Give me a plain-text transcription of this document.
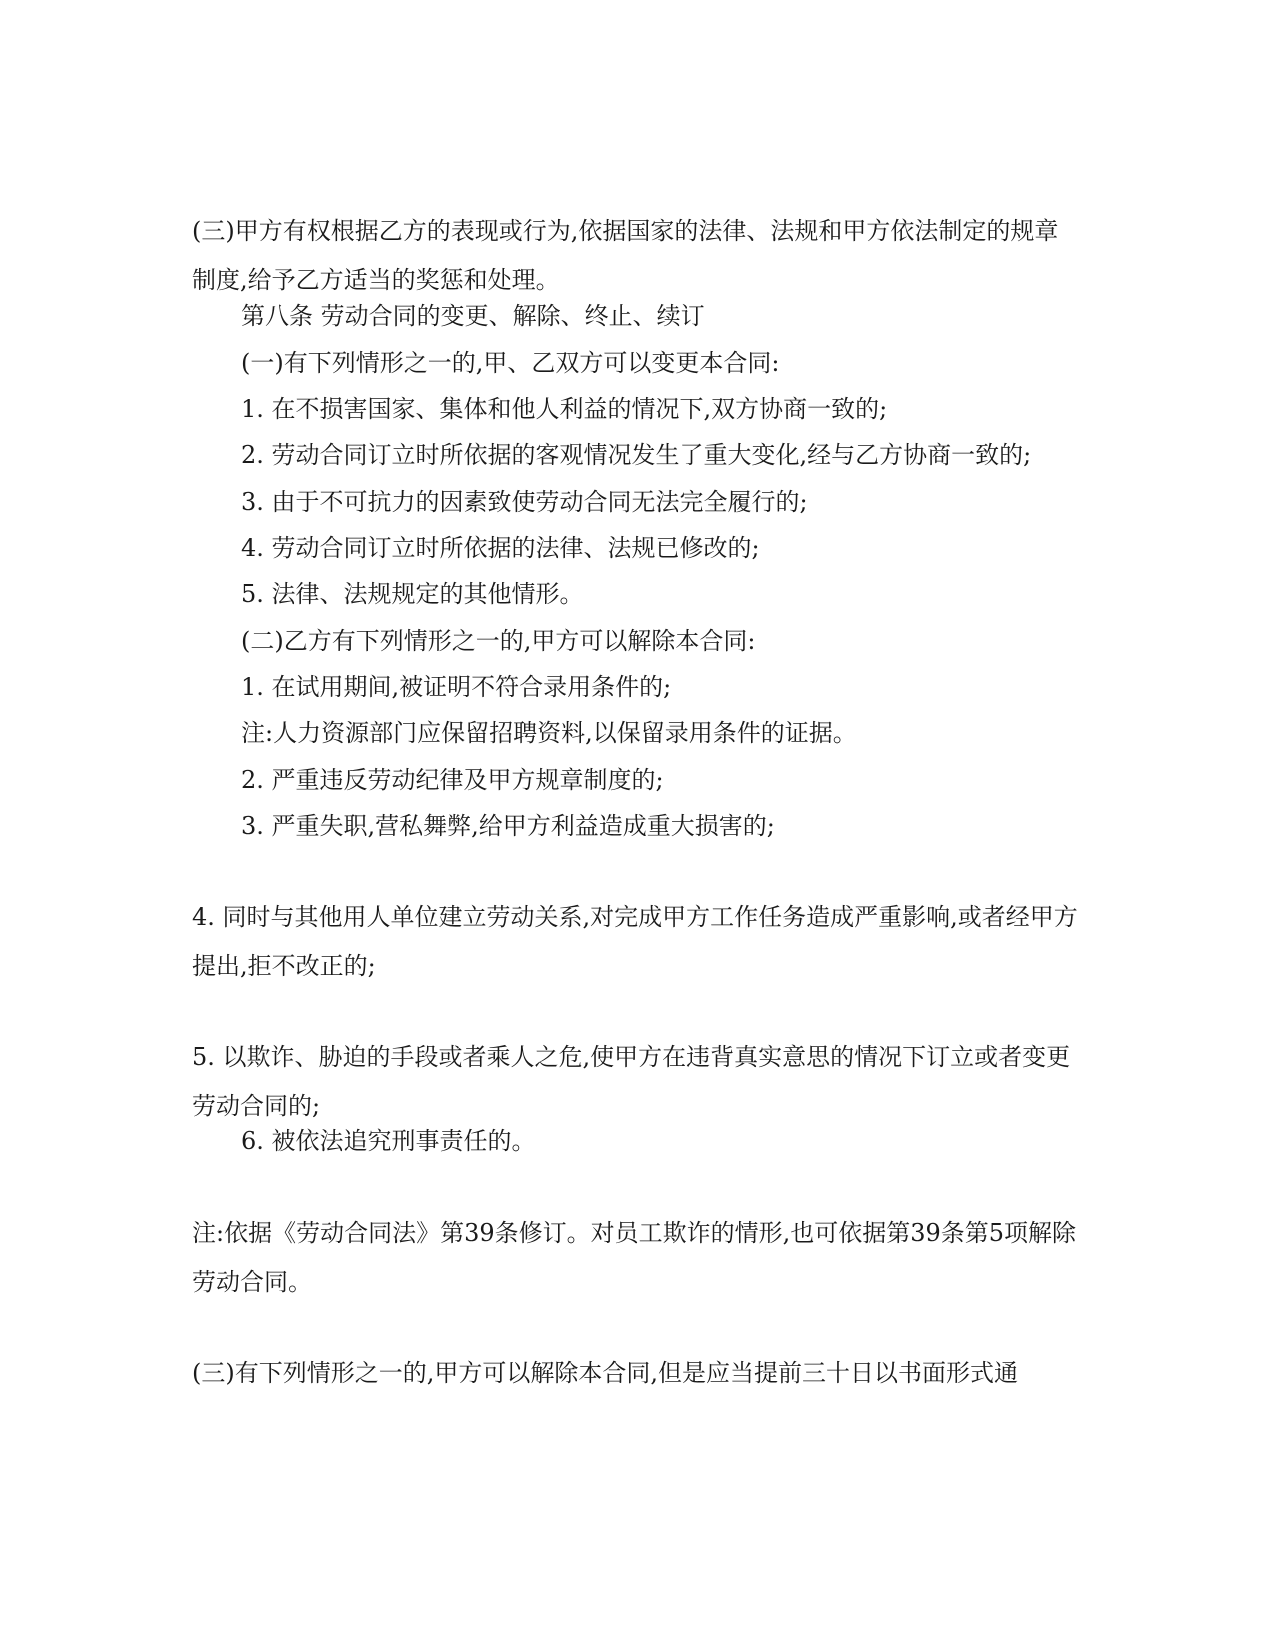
(三)甲方有权根据乙方的表现或行为,依据国家的法律、法规和甲方依法制定的规章制度,给予乙方适当的奖惩和处理。

第八条 劳动合同的变更、解除、终止、续订

(一)有下列情形之一的,甲、乙双方可以变更本合同:

1. 在不损害国家、集体和他人利益的情况下,双方协商一致的;

2. 劳动合同订立时所依据的客观情况发生了重大变化,经与乙方协商一致的;

3. 由于不可抗力的因素致使劳动合同无法完全履行的;

4. 劳动合同订立时所依据的法律、法规已修改的;

5. 法律、法规规定的其他情形。

(二)乙方有下列情形之一的,甲方可以解除本合同:

1. 在试用期间,被证明不符合录用条件的;

注:人力资源部门应保留招聘资料,以保留录用条件的证据。

2. 严重违反劳动纪律及甲方规章制度的;

3. 严重失职,营私舞弊,给甲方利益造成重大损害的;

4. 同时与其他用人单位建立劳动关系,对完成甲方工作任务造成严重影响,或者经甲方提出,拒不改正的;

5. 以欺诈、胁迫的手段或者乘人之危,使甲方在违背真实意思的情况下订立或者变更劳动合同的;

6. 被依法追究刑事责任的。

注:依据《劳动合同法》第39条修订。对员工欺诈的情形,也可依据第39条第5项解除劳动合同。

(三)有下列情形之一的,甲方可以解除本合同,但是应当提前三十日以书面形式通
